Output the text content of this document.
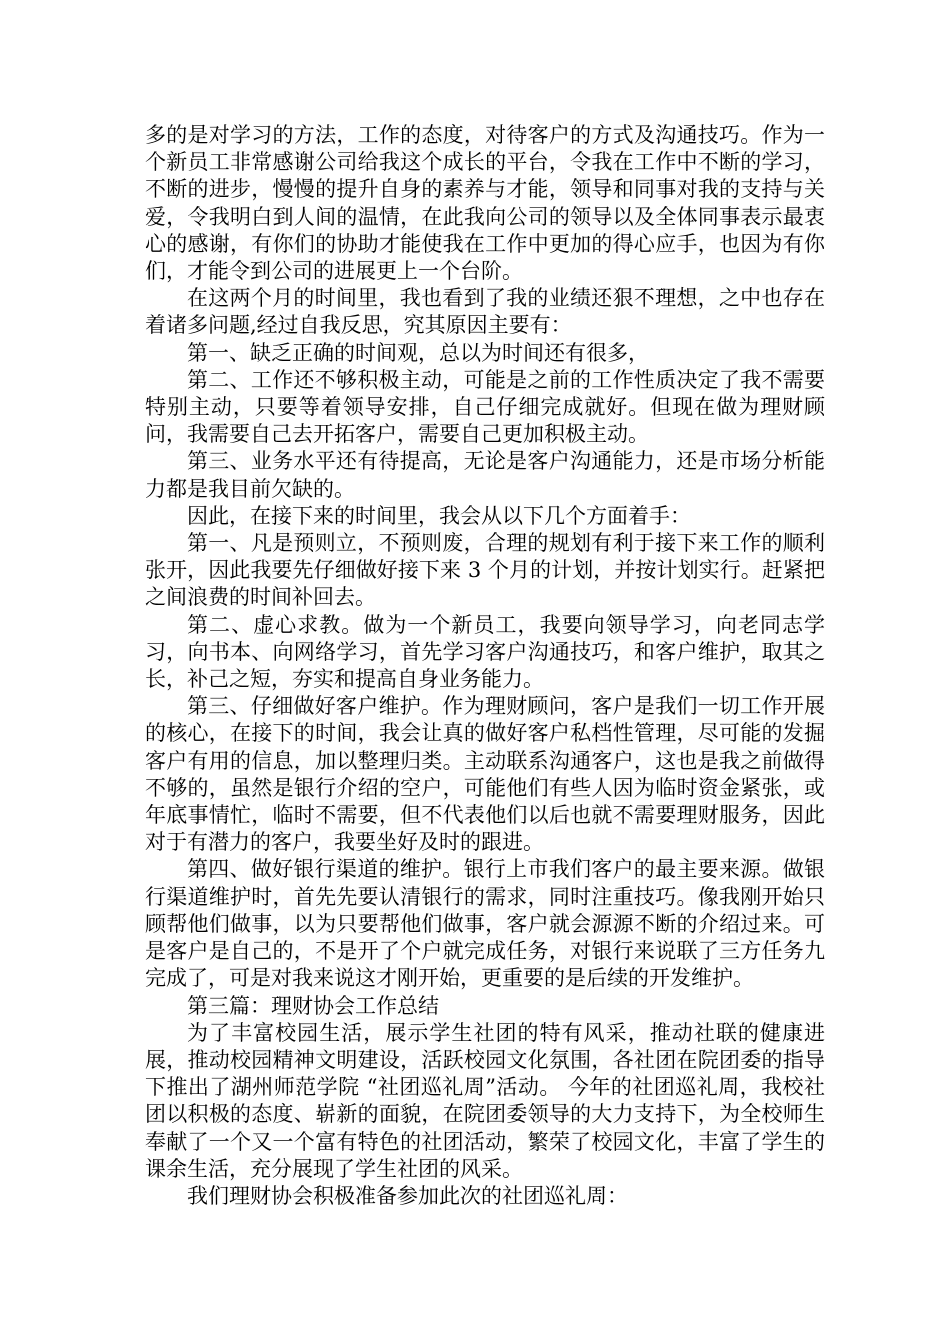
多的是对学习的方法，工作的态度，对待客户的方式及沟通技巧。作为一个新员工非常感谢公司给我这个成长的平台，令我在工作中不断的学习，不断的进步，慢慢的提升自身的素养与才能，领导和同事对我的支持与关爱，令我明白到人间的温情，在此我向公司的领导以及全体同事表示最衷心的感谢，有你们的协助才能使我在工作中更加的得心应手，也因为有你们，才能令到公司的进展更上一个台阶。

在这两个月的时间里，我也看到了我的业绩还狠不理想，之中也存在着诸多问题,经过自我反思，究其原因主要有：

第一、缺乏正确的时间观，总以为时间还有很多，

第二、工作还不够积极主动，可能是之前的工作性质决定了我不需要特别主动，只要等着领导安排，自己仔细完成就好。但现在做为理财顾问，我需要自己去开拓客户，需要自己更加积极主动。

第三、业务水平还有待提高，无论是客户沟通能力，还是市场分析能力都是我目前欠缺的。

因此，在接下来的时间里，我会从以下几个方面着手：

第一、凡是预则立，不预则废，合理的规划有利于接下来工作的顺利张开，因此我要先仔细做好接下来 3 个月的计划，并按计划实行。赶紧把之间浪费的时间补回去。

第二、虚心求教。做为一个新员工，我要向领导学习，向老同志学习，向书本、向网络学习，首先学习客户沟通技巧，和客户维护，取其之长，补己之短，夯实和提高自身业务能力。

第三、仔细做好客户维护。作为理财顾问，客户是我们一切工作开展的核心，在接下的时间，我会让真的做好客户私档性管理，尽可能的发掘客户有用的信息，加以整理归类。主动联系沟通客户，这也是我之前做得不够的，虽然是银行介绍的空户，可能他们有些人因为临时资金紧张，或年底事情忙，临时不需要，但不代表他们以后也就不需要理财服务，因此对于有潜力的客户，我要坐好及时的跟进。

第四、做好银行渠道的维护。银行上市我们客户的最主要来源。做银行渠道维护时，首先先要认清银行的需求，同时注重技巧。像我刚开始只顾帮他们做事，以为只要帮他们做事，客户就会源源不断的介绍过来。可是客户是自己的，不是开了个户就完成任务，对银行来说联了三方任务九完成了，可是对我来说这才刚开始，更重要的是后续的开发维护。

第三篇：理财协会工作总结

为了丰富校园生活，展示学生社团的特有风采，推动社联的健康进展，推动校园精神文明建设，活跃校园文化氛围，各社团在院团委的指导下推出了湖州师范学院 “社团巡礼周”活动。 今年的社团巡礼周，我校社团以积极的态度、崭新的面貌，在院团委领导的大力支持下，为全校师生奉献了一个又一个富有特色的社团活动，繁荣了校园文化，丰富了学生的课余生活，充分展现了学生社团的风采。

我们理财协会积极准备参加此次的社团巡礼周：
